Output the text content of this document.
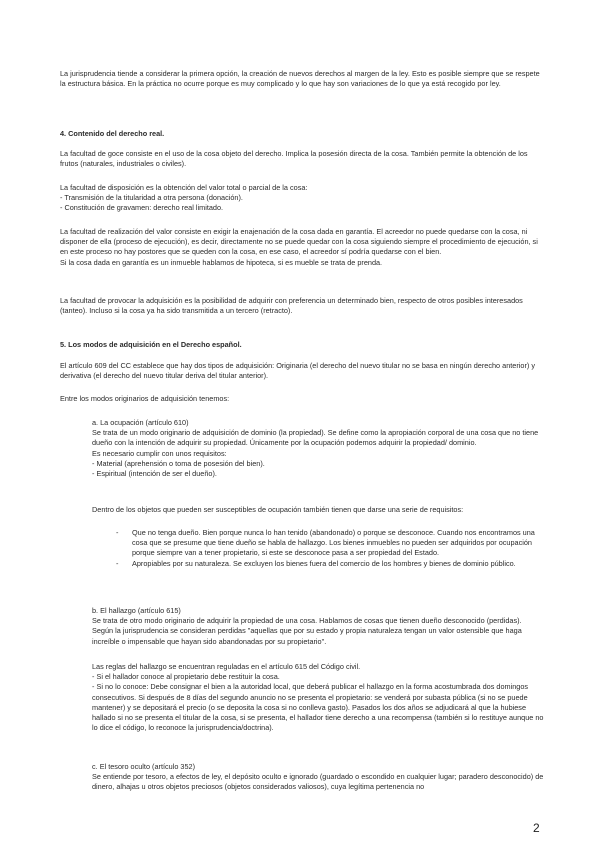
La jurisprudencia tiende a considerar la primera opción, la creación de nuevos derechos al margen de la ley. Esto es posible siempre que se respete la estructura básica. En la práctica no ocurre porque es muy complicado y lo que hay son variaciones de lo que ya está recogido por ley.

4. Contenido del derecho real.

La facultad de goce consiste en el uso de la cosa objeto del derecho. Implica la posesión directa de la cosa. También permite la obtención de los frutos (naturales, industriales o civiles).

La facultad de disposición es la obtención del valor total o parcial de la cosa:

- Transmisión de la titularidad a otra persona (donación).

- Constitución de gravamen: derecho real limitado.

La facultad de realización del valor consiste en exigir la enajenación de la cosa dada en garantía. El acreedor no puede quedarse con la cosa, ni disponer de ella (proceso de ejecución), es decir, directamente no se puede quedar con la cosa siguiendo siempre el procedimiento de ejecución, si en este proceso no hay postores que se queden con la cosa, en ese caso, el acreedor sí podría quedarse con el bien.

Si la cosa dada en garantía es un inmueble hablamos de hipoteca, si es mueble se trata de prenda.

La facultad de provocar la adquisición es la posibilidad de adquirir con preferencia un determinado bien, respecto de otros posibles interesados (tanteo). Incluso si la cosa ya ha sido transmitida a un tercero (retracto).

5. Los modos de adquisición en el Derecho español.

El artículo 609 del CC establece que hay dos tipos de adquisición: Originaria (el derecho del nuevo titular no se basa en ningún derecho anterior) y derivativa (el derecho del nuevo titular deriva del titular anterior).

Entre los modos originarios de adquisición tenemos:

a. La ocupación (artículo 610)

Se trata de un modo originario de adquisición de dominio (la propiedad). Se define como la apropiación corporal de una cosa que no tiene dueño con la intención de adquirir su propiedad. Únicamente por la ocupación podemos adquirir la propiedad/ dominio.

Es necesario cumplir con unos requisitos:

- Material (aprehensión o toma de posesión del bien).

- Espiritual (intención de ser el dueño).

Dentro de los objetos que pueden ser susceptibles de ocupación también tienen que darse una serie de requisitos:

- Que no tenga dueño. Bien porque nunca lo han tenido (abandonado) o porque se desconoce. Cuando nos encontramos una cosa que se presume que tiene dueño se habla de hallazgo. Los bienes inmuebles no pueden ser adquiridos por ocupación porque siempre van a tener propietario, si este se desconoce pasa a ser propiedad del Estado.
- Apropiables por su naturaleza. Se excluyen los bienes fuera del comercio de los hombres y bienes de dominio público.

b. El hallazgo (artículo 615)

Se trata de otro modo originario de adquirir la propiedad de una cosa. Hablamos de cosas que tienen dueño desconocido (perdidas). Según la jurisprudencia se consideran perdidas "aquellas que por su estado y propia naturaleza tengan un valor ostensible que haga increíble o impensable que hayan sido abandonadas por su propietario".

Las reglas del hallazgo se encuentran reguladas en el artículo 615 del Código civil.

- Si el hallador conoce al propietario debe restituir la cosa.

- Si no lo conoce: Debe consignar el bien a la autoridad local, que deberá publicar el hallazgo en la forma acostumbrada dos domingos consecutivos. Si después de 8 días del segundo anuncio no se presenta el propietario: se venderá por subasta pública (si no se puede mantener) y se depositará el precio (o se deposita la cosa si no conlleva gasto). Pasados los dos años se adjudicará al que la hubiese hallado si no se presenta el titular de la cosa, si se presenta, el hallador tiene derecho a una recompensa (también si lo restituye aunque no lo dice el código, lo reconoce la jurisprudencia/doctrina).

c. El tesoro oculto (artículo 352)

Se entiende por tesoro, a efectos de ley, el depósito oculto e ignorado (guardado o escondido en cualquier lugar; paradero desconocido) de dinero, alhajas u otros objetos preciosos (objetos considerados valiosos), cuya legítima pertenencia no

2
